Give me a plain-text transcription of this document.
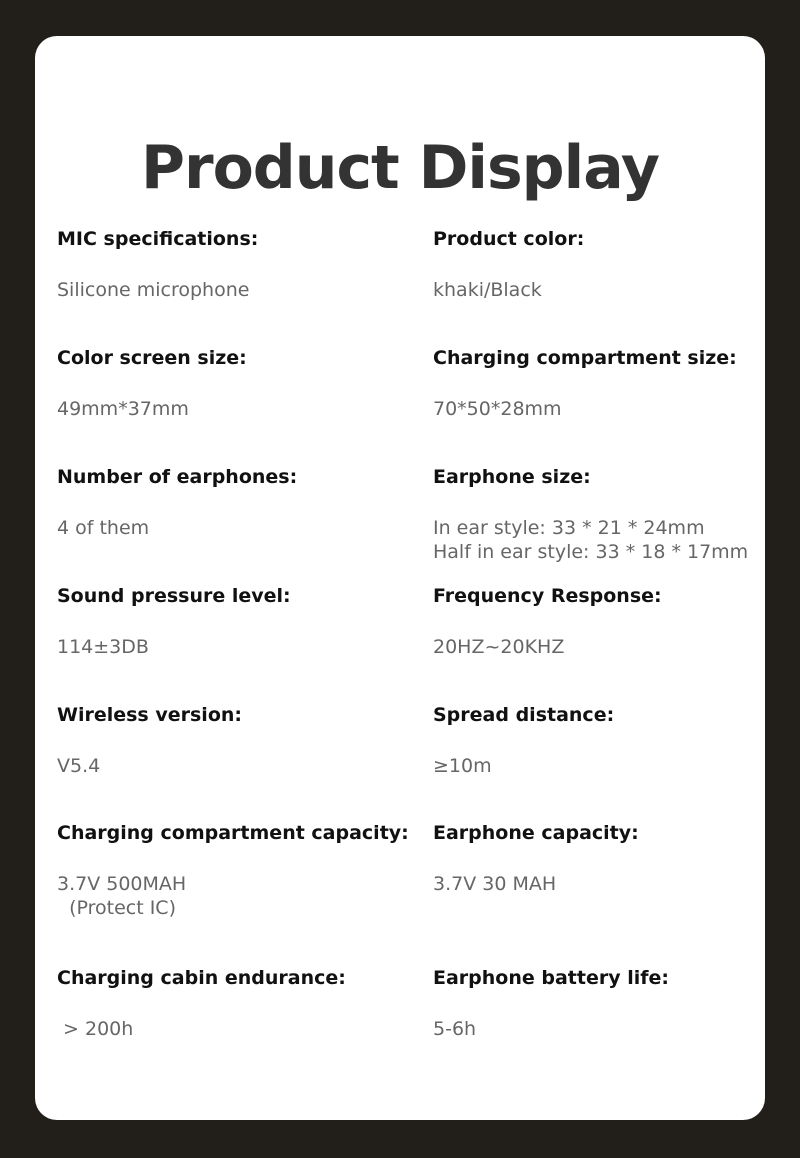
Product Display
MIC specifications:
Silicone microphone
Product color:
khaki/Black
Color screen size:
49mm*37mm
Charging compartment size:
70*50*28mm
Number of earphones:
4 of them
Earphone size:
In ear style: 33 * 21 * 24mm
Half in ear style: 33 * 18 * 17mm
Sound pressure level:
114±3DB
Frequency Response:
20HZ~20KHZ
Wireless version:
V5.4
Spread distance:
≥10m
Charging compartment capacity:
3.7V 500MAH
(Protect IC)
Earphone capacity:
3.7V 30 MAH
Charging cabin endurance:
> 200h
Earphone battery life:
5-6h
